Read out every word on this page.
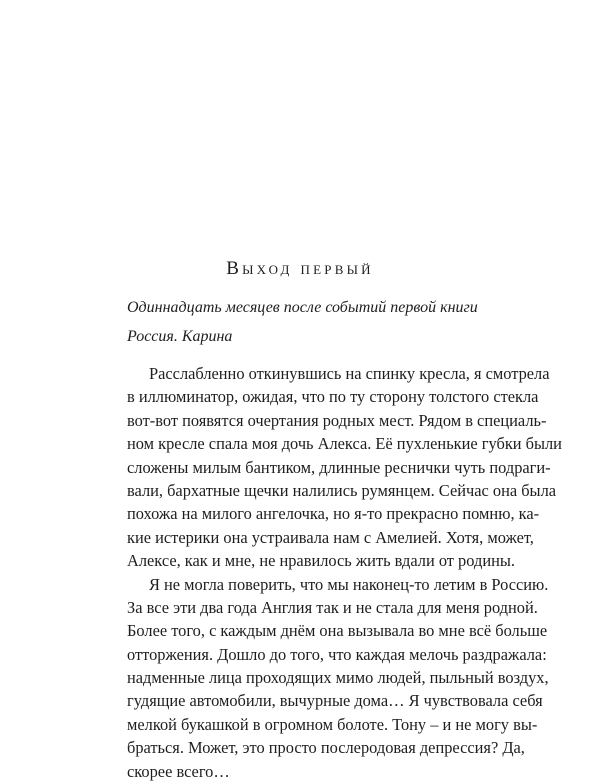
Выход первый

Одиннадцать месяцев после событий первой книги

Россия. Карина

Расслабленно откинувшись на спинку кресла, я смотрела
в иллюминатор, ожидая, что по ту сторону толстого стекла
вот-вот появятся очертания родных мест. Рядом в специаль-
ном кресле спала моя дочь Алекса. Её пухленькие губки были
сложены милым бантиком, длинные реснички чуть подраги-
вали, бархатные щечки налились румянцем. Сейчас она была
похожа на милого ангелочка, но я-то прекрасно помню, ка-
кие истерики она устраивала нам с Амелией. Хотя, может,
Алексе, как и мне, не нравилось жить вдали от родины.
Я не могла поверить, что мы наконец-то летим в Россию.
За все эти два года Англия так и не стала для меня родной.
Более того, с каждым днём она вызывала во мне всё больше
отторжения. Дошло до того, что каждая мелочь раздражала:
надменные лица проходящих мимо людей, пыльный воздух,
гудящие автомобили, вычурные дома… Я чувствовала себя
мелкой букашкой в огромном болоте. Тону – и не могу вы-
браться. Может, это просто послеродовая депрессия? Да,
скорее всего…
